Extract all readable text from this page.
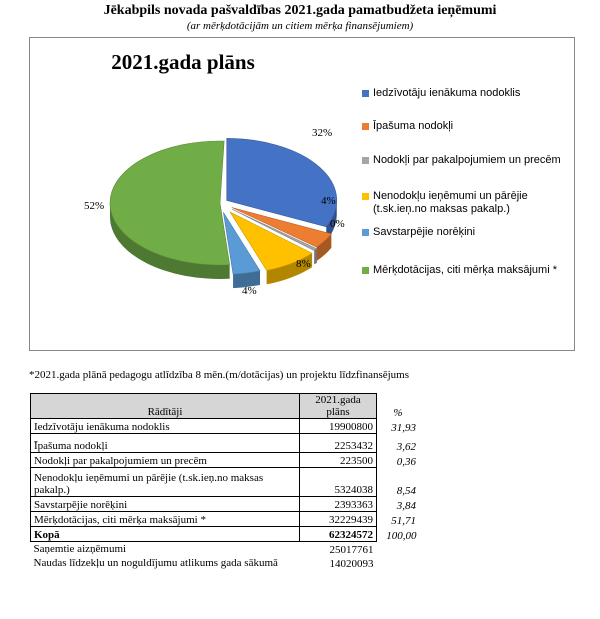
Jēkabpils novada pašvaldības 2021.gada pamatbudžeta ieņēmumi
(ar mērķdotācijām un citiem mērķa finansējumiem)
2021.gada plāns
32%
4%
0%
8%
4%
52%
Iedzīvotāju ienākuma nodoklis
Īpašuma nodokļi
Nodokļi par pakalpojumiem un precēm
Nenodokļu ieņēmumi un pārējie (t.sk.ieņ.no maksas pakalp.)
Savstarpējie norēķini
Mērķdotācijas, citi mērķa maksājumi *
*2021.gada plānā pedagogu atlīdzība 8 mēn.(m/dotācijas) un projektu līdzfinansējums
Rādītāji	2021.gada plāns	%
Iedzīvotāju ienākuma nodoklis	19900800	31,93
Īpašuma nodokļi	2253432	3,62
Nodokļi par pakalpojumiem un precēm	223500	0,36
Nenodokļu ieņēmumi un pārējie (t.sk.ieņ.no maksas pakalp.)	5324038	8,54
Savstarpējie norēķini	2393363	3,84
Mērķdotācijas, citi mērķa maksājumi *	32229439	51,71
Kopā	62324572	100,00
Saņemtie aizņēmumi	25017761	
Naudas līdzekļu un noguldījumu atlikums gada sākumā	14020093	
